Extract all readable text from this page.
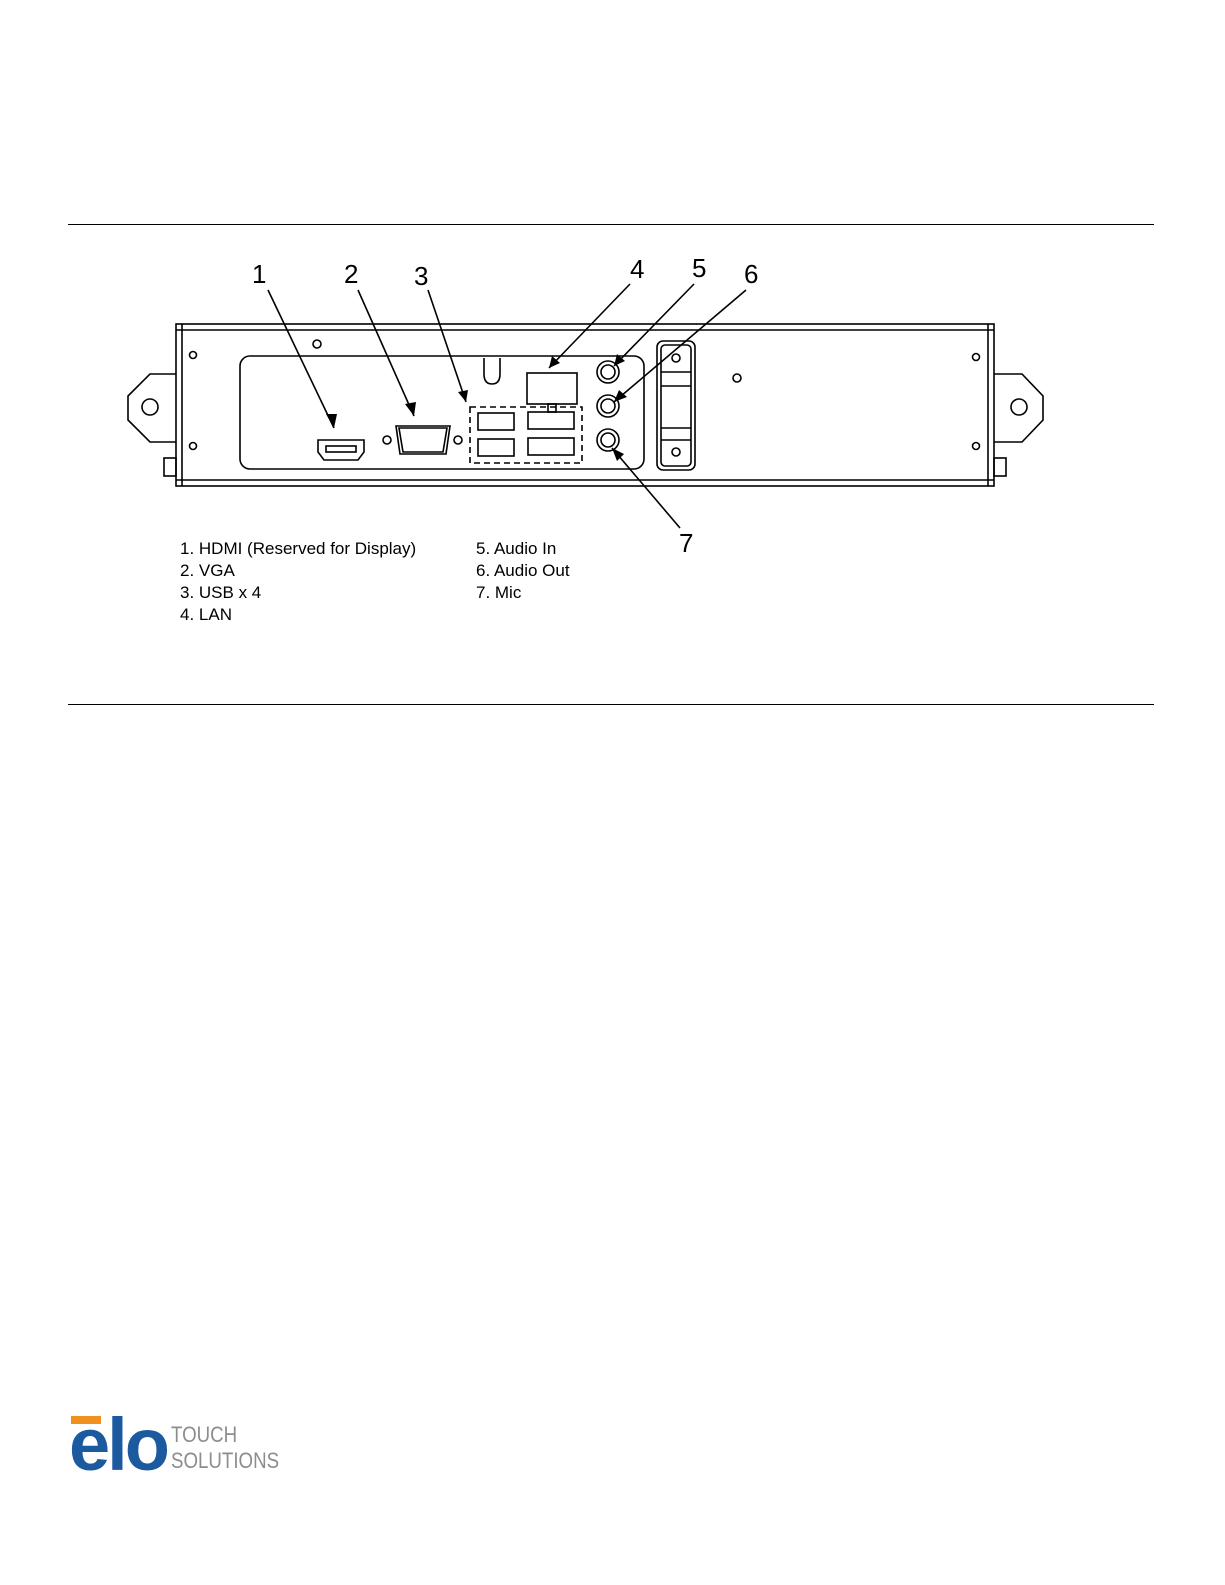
1	2 3	4 5 6
7
1. HDMI (Reserved for Display)
2. VGA
3. USB x 4
4. LAN
5. Audio In
6. Audio Out
7. Mic
elo TOUCH
SOLUTIONS
